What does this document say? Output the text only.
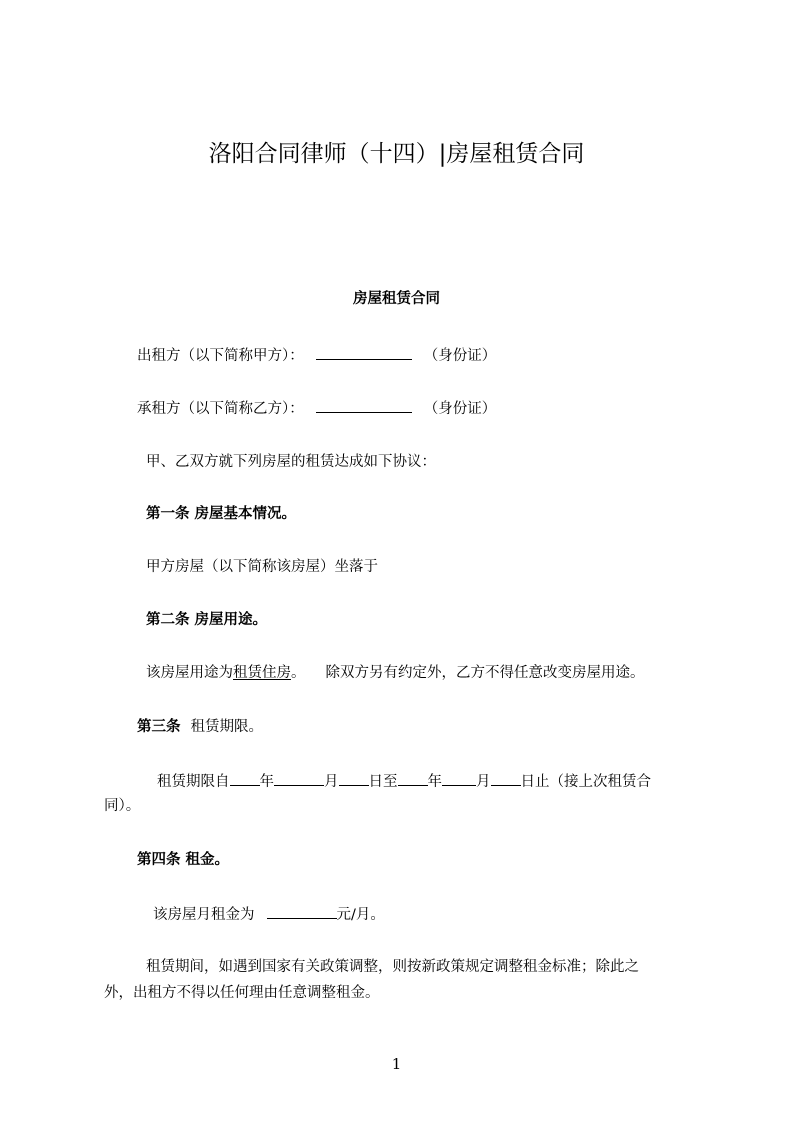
洛阳合同律师（十四）|房屋租赁合同
房屋租赁合同
出租方（以下简称甲方）：	（身份证）
承租方（以下简称乙方）：	（身份证）
甲、乙双方就下列房屋的租赁达成如下协议：
第一条 房屋基本情况。
甲方房屋（以下简称该房屋）坐落于
第二条 房屋用途。
该房屋用途为租赁住房。 除双方另有约定外，乙方不得任意改变房屋用途。
第三条 租赁期限。
租赁期限自 年	月 日至 年 月 日止（接上次租赁合
同）。
第四条 租金。
该房屋月租金为	元/月。
租赁期间，如遇到国家有关政策调整，则按新政策规定调整租金标准；除此之
外，出租方不得以任何理由任意调整租金。
1
